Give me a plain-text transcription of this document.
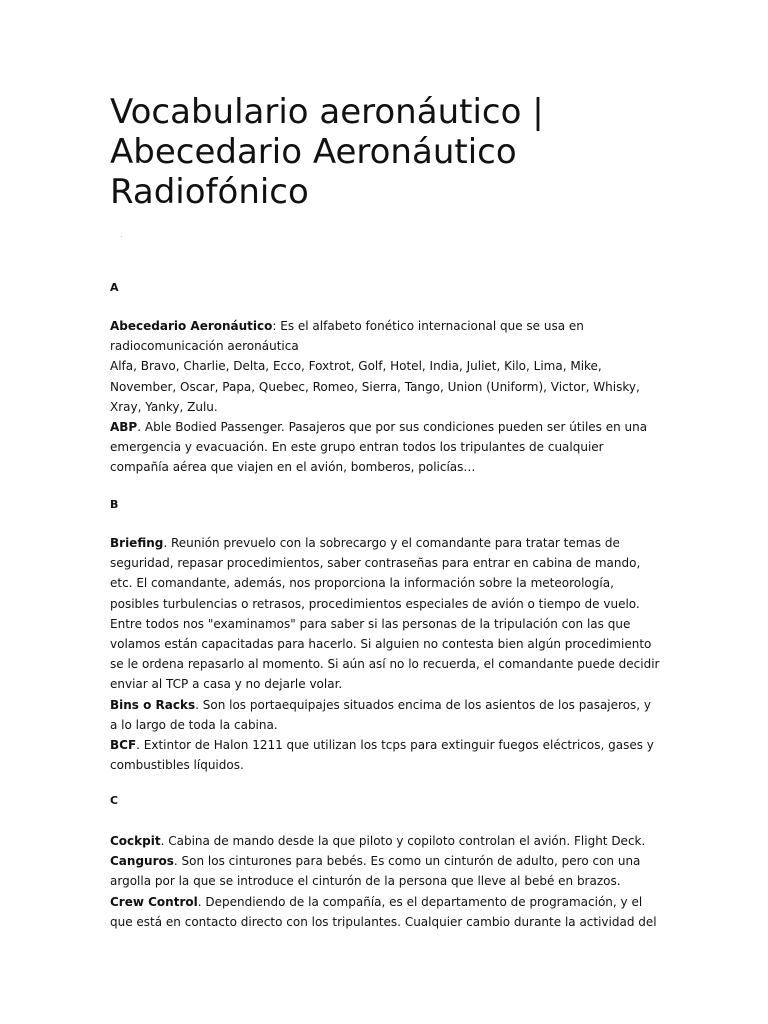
Vocabulario aeronáutico |
Abecedario Aeronáutico
Radiofónico
A
Abecedario Aeronáutico: Es el alfabeto fonético internacional que se usa en radiocomunicación aeronáutica
Alfa, Bravo, Charlie, Delta, Ecco, Foxtrot, Golf, Hotel, India, Juliet, Kilo, Lima, Mike, November, Oscar, Papa, Quebec, Romeo, Sierra, Tango, Union (Uniform), Victor, Whisky, Xray, Yanky, Zulu.
ABP. Able Bodied Passenger. Pasajeros que por sus condiciones pueden ser útiles en una emergencia y evacuación. En este grupo entran todos los tripulantes de cualquier compañía aérea que viajen en el avión, bomberos, policías…
B
Briefing. Reunión prevuelo con la sobrecargo y el comandante para tratar temas de seguridad, repasar procedimientos, saber contraseñas para entrar en cabina de mando, etc. El comandante, además, nos proporciona la información sobre la meteorología, posibles turbulencias o retrasos, procedimientos especiales de avión o tiempo de vuelo. Entre todos nos "examinamos" para saber si las personas de la tripulación con las que volamos están capacitadas para hacerlo. Si alguien no contesta bien algún procedimiento se le ordena repasarlo al momento. Si aún así no lo recuerda, el comandante puede decidir enviar al TCP a casa y no dejarle volar.
Bins o Racks. Son los portaequipajes situados encima de los asientos de los pasajeros, y a lo largo de toda la cabina.
BCF. Extintor de Halon 1211 que utilizan los tcps para extinguir fuegos eléctricos, gases y combustibles líquidos.
C
Cockpit. Cabina de mando desde la que piloto y copiloto controlan el avión. Flight Deck.
Canguros. Son los cinturones para bebés. Es como un cinturón de adulto, pero con una argolla por la que se introduce el cinturón de la persona que lleve al bebé en brazos.
Crew Control. Dependiendo de la compañía, es el departamento de programación, y el que está en contacto directo con los tripulantes. Cualquier cambio durante la actividad del
